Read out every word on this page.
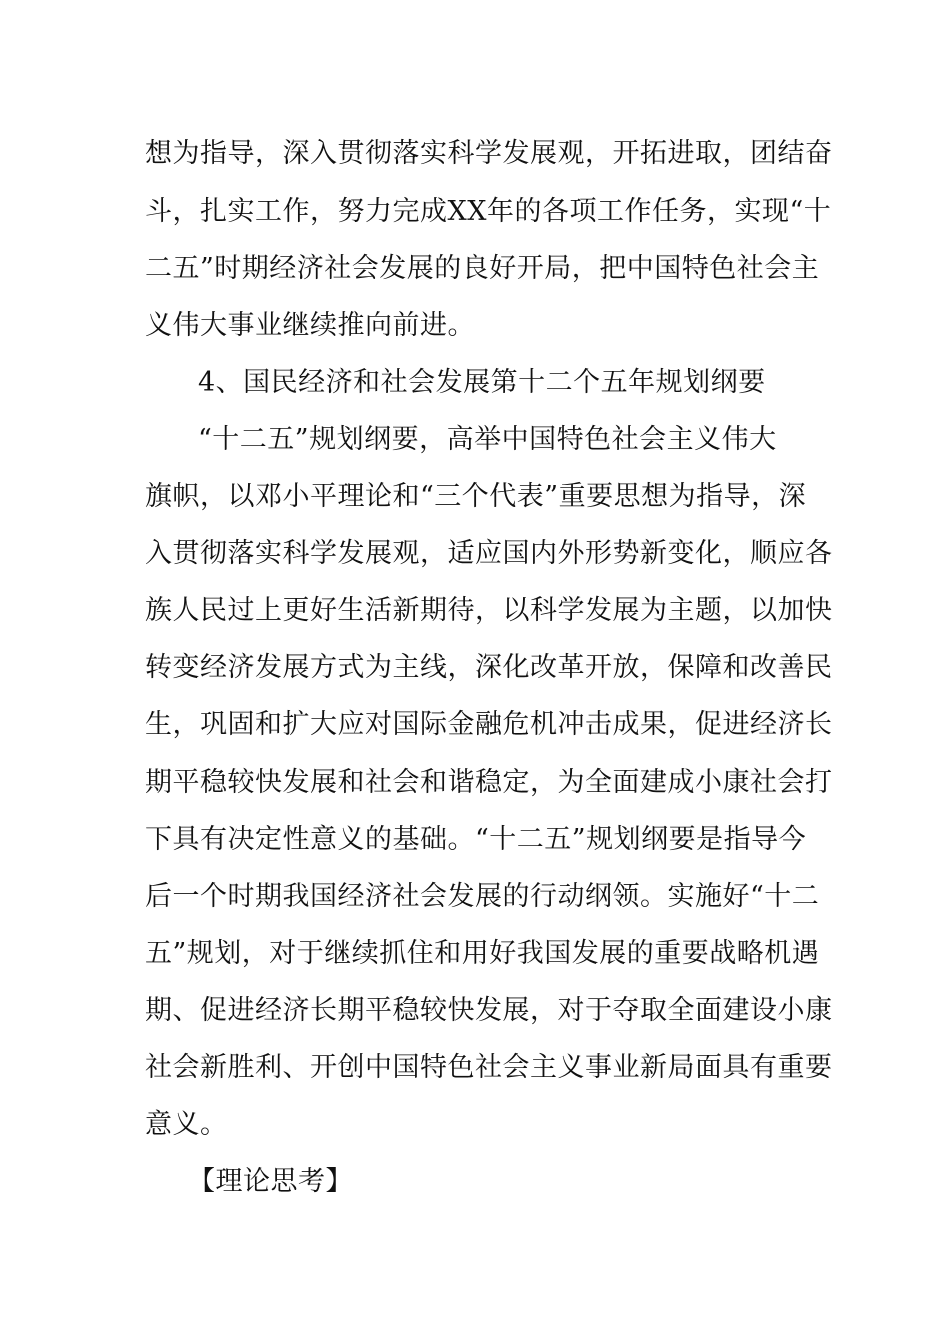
想为指导，深入贯彻落实科学发展观，开拓进取，团结奋
斗，扎实工作，努力完成XX年的各项工作任务，实现“十
二五”时期经济社会发展的良好开局，把中国特色社会主
义伟大事业继续推向前进。
4、国民经济和社会发展第十二个五年规划纲要
“十二五”规划纲要，高举中国特色社会主义伟大
旗帜，以邓小平理论和“三个代表”重要思想为指导，深
入贯彻落实科学发展观，适应国内外形势新变化，顺应各
族人民过上更好生活新期待，以科学发展为主题，以加快
转变经济发展方式为主线，深化改革开放，保障和改善民
生，巩固和扩大应对国际金融危机冲击成果，促进经济长
期平稳较快发展和社会和谐稳定，为全面建成小康社会打
下具有决定性意义的基础。“十二五”规划纲要是指导今
后一个时期我国经济社会发展的行动纲领。实施好“十二
五”规划，对于继续抓住和用好我国发展的重要战略机遇
期、促进经济长期平稳较快发展，对于夺取全面建设小康
社会新胜利、开创中国特色社会主义事业新局面具有重要
意义。
【理论思考】
